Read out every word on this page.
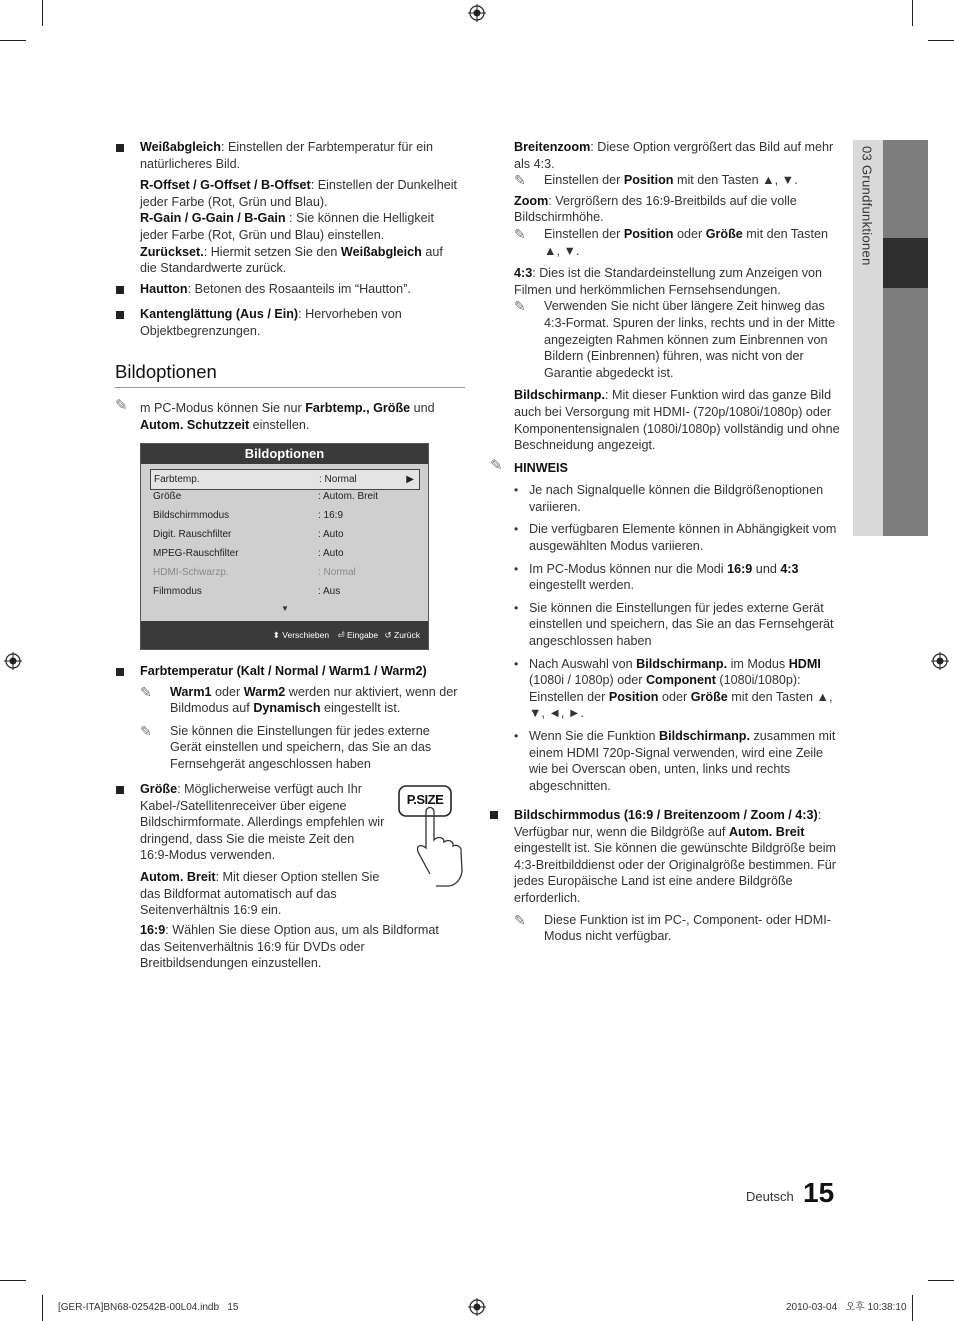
03 Grundfunktionen

Weißabgleich: Einstellen der Farbtemperatur für ein natürlicheres Bild.

R-Offset / G-Offset / B-Offset: Einstellen der Dunkelheit jeder Farbe (Rot, Grün und Blau).

R-Gain / G-Gain / B-Gain : Sie können die Helligkeit jeder Farbe (Rot, Grün und Blau) einstellen.

Zurückset.: Hiermit setzen Sie den Weißabgleich auf die Standardwerte zurück.

Hautton: Betonen des Rosaanteils im “Hautton”.

Kantenglättung (Aus / Ein): Hervorheben von Objektbegrenzungen.

Bildoptionen
✎ m PC-Modus können Sie nur Farbtemp., Größe und Autom. Schutzzeit einstellen.

Bildoptionen
Farbtemp.	: Normal	▶
Größe	: Autom. Breit
Bildschirmmodus	: 16:9
Digit. Rauschfilter	: Auto
MPEG-Rauschfilter	: Auto
HDMI-Schwarzp.	: Normal
Filmmodus	: Aus
▼
⬍ Verschieben ⏎ Eingabe ↺ Zurück

Farbtemperatur (Kalt / Normal / Warm1 / Warm2)

✎ Warm1 oder Warm2 werden nur aktiviert, wenn der Bildmodus auf Dynamisch eingestellt ist.

✎ Sie können die Einstellungen für jedes externe Gerät einstellen und speichern, das Sie an das Fernsehgerät angeschlossen haben

Größe: Möglicherweise verfügt auch Ihr Kabel-/Satellitenreceiver über eigene Bildschirmformate. Allerdings empfehlen wir dringend, dass Sie die meiste Zeit den 16:9-Modus verwenden.

Autom. Breit: Mit dieser Option stellen Sie das Bildformat automatisch auf das Seitenverhältnis 16:9 ein.

16:9: Wählen Sie diese Option aus, um als Bildformat das Seitenverhältnis 16:9 für DVDs oder Breitbildsendungen einzustellen.

P.SIZE

Breitenzoom: Diese Option vergrößert das Bild auf mehr als 4:3.

✎ Einstellen der Position mit den Tasten ▲, ▼.

Zoom: Vergrößern des 16:9-Breitbilds auf die volle Bildschirmhöhe.

✎ Einstellen der Position oder Größe mit den Tasten ▲, ▼.

4:3: Dies ist die Standardeinstellung zum Anzeigen von Filmen und herkömmlichen Fernsehsendungen.

✎ Verwenden Sie nicht über längere Zeit hinweg das 4:3-Format. Spuren der links, rechts und in der Mitte angezeigten Rahmen können zum Einbrennen von Bildern (Einbrennen) führen, was nicht von der Garantie abgedeckt ist.

Bildschirmanp.: Mit dieser Funktion wird das ganze Bild auch bei Versorgung mit HDMI- (720p/1080i/1080p) oder Komponentensignalen (1080i/1080p) vollständig und ohne Beschneidung angezeigt.

✎ HINWEIS

• Je nach Signalquelle können die Bildgrößenoptionen variieren.
• Die verfügbaren Elemente können in Abhängigkeit vom ausgewählten Modus variieren.
• Im PC-Modus können nur die Modi 16:9 und 4:3 eingestellt werden.
• Sie können die Einstellungen für jedes externe Gerät einstellen und speichern, das Sie an das Fernsehgerät angeschlossen haben
• Nach Auswahl von Bildschirmanp. im Modus HDMI (1080i / 1080p) oder Component (1080i/1080p): Einstellen der Position oder Größe mit den Tasten ▲, ▼, ◄, ►.
• Wenn Sie die Funktion Bildschirmanp. zusammen mit einem HDMI 720p-Signal verwenden, wird eine Zeile wie bei Overscan oben, unten, links und rechts abgeschnitten.

Bildschirmmodus (16:9 / Breitenzoom / Zoom / 4:3): Verfügbar nur, wenn die Bildgröße auf Autom. Breit eingestellt ist. Sie können die gewünschte Bildgröße beim 4:3-Breitbilddienst oder der Originalgröße bestimmen. Für jedes Europäische Land ist eine andere Bildgröße erforderlich.

✎ Diese Funktion ist im PC-, Component- oder HDMI-Modus nicht verfügbar.

Deutsch 15
[GER-ITA]BN68-02542B-00L04.indb   15	2010-03-04   오후 10:38:10
